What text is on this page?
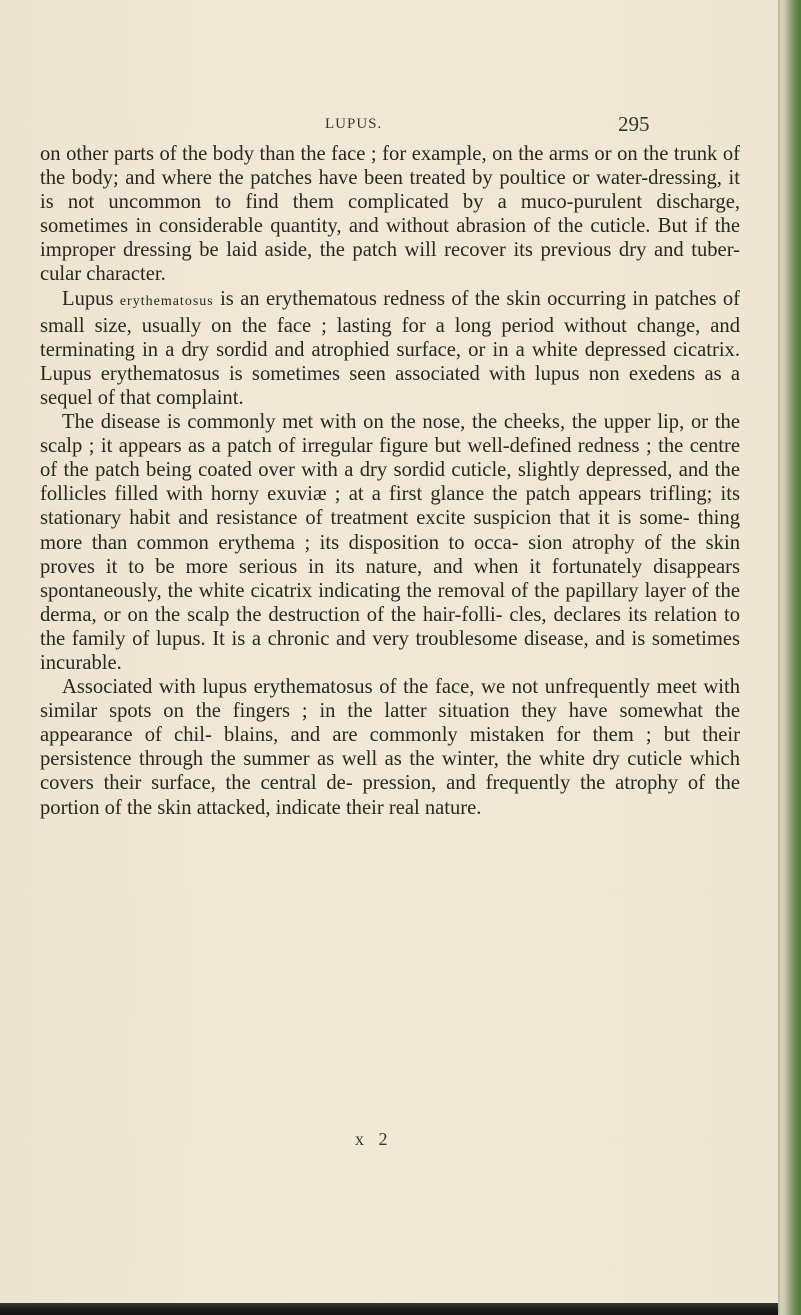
LUPUS.	295

on other parts of the body than the face ; for example, on the arms or on the trunk of the body; and where the patches have been treated by poultice or water-dressing, it is not uncommon to find them complicated by a muco-purulent discharge, sometimes in considerable quantity, and without abrasion of the cuticle. But if the improper dressing be laid aside, the patch will recover its previous dry and tuber- cular character.

Lupus erythematosus is an erythematous redness of the skin occurring in patches of small size, usually on the face ; lasting for a long period without change, and terminating in a dry sordid and atrophied surface, or in a white depressed cicatrix. Lupus erythematosus is sometimes seen associated with lupus non exedens as a sequel of that complaint.

The disease is commonly met with on the nose, the cheeks, the upper lip, or the scalp ; it appears as a patch of irregular figure but well-defined redness ; the centre of the patch being coated over with a dry sordid cuticle, slightly depressed, and the follicles filled with horny exuviæ ; at a first glance the patch appears trifling; its stationary habit and resistance of treatment excite suspicion that it is some- thing more than common erythema ; its disposition to occa- sion atrophy of the skin proves it to be more serious in its nature, and when it fortunately disappears spontaneously, the white cicatrix indicating the removal of the papillary layer of the derma, or on the scalp the destruction of the hair-folli- cles, declares its relation to the family of lupus. It is a chronic and very troublesome disease, and is sometimes incurable.

Associated with lupus erythematosus of the face, we not unfrequently meet with similar spots on the fingers ; in the latter situation they have somewhat the appearance of chil- blains, and are commonly mistaken for them ; but their persistence through the summer as well as the winter, the white dry cuticle which covers their surface, the central de- pression, and frequently the atrophy of the portion of the skin attacked, indicate their real nature.

x 2
